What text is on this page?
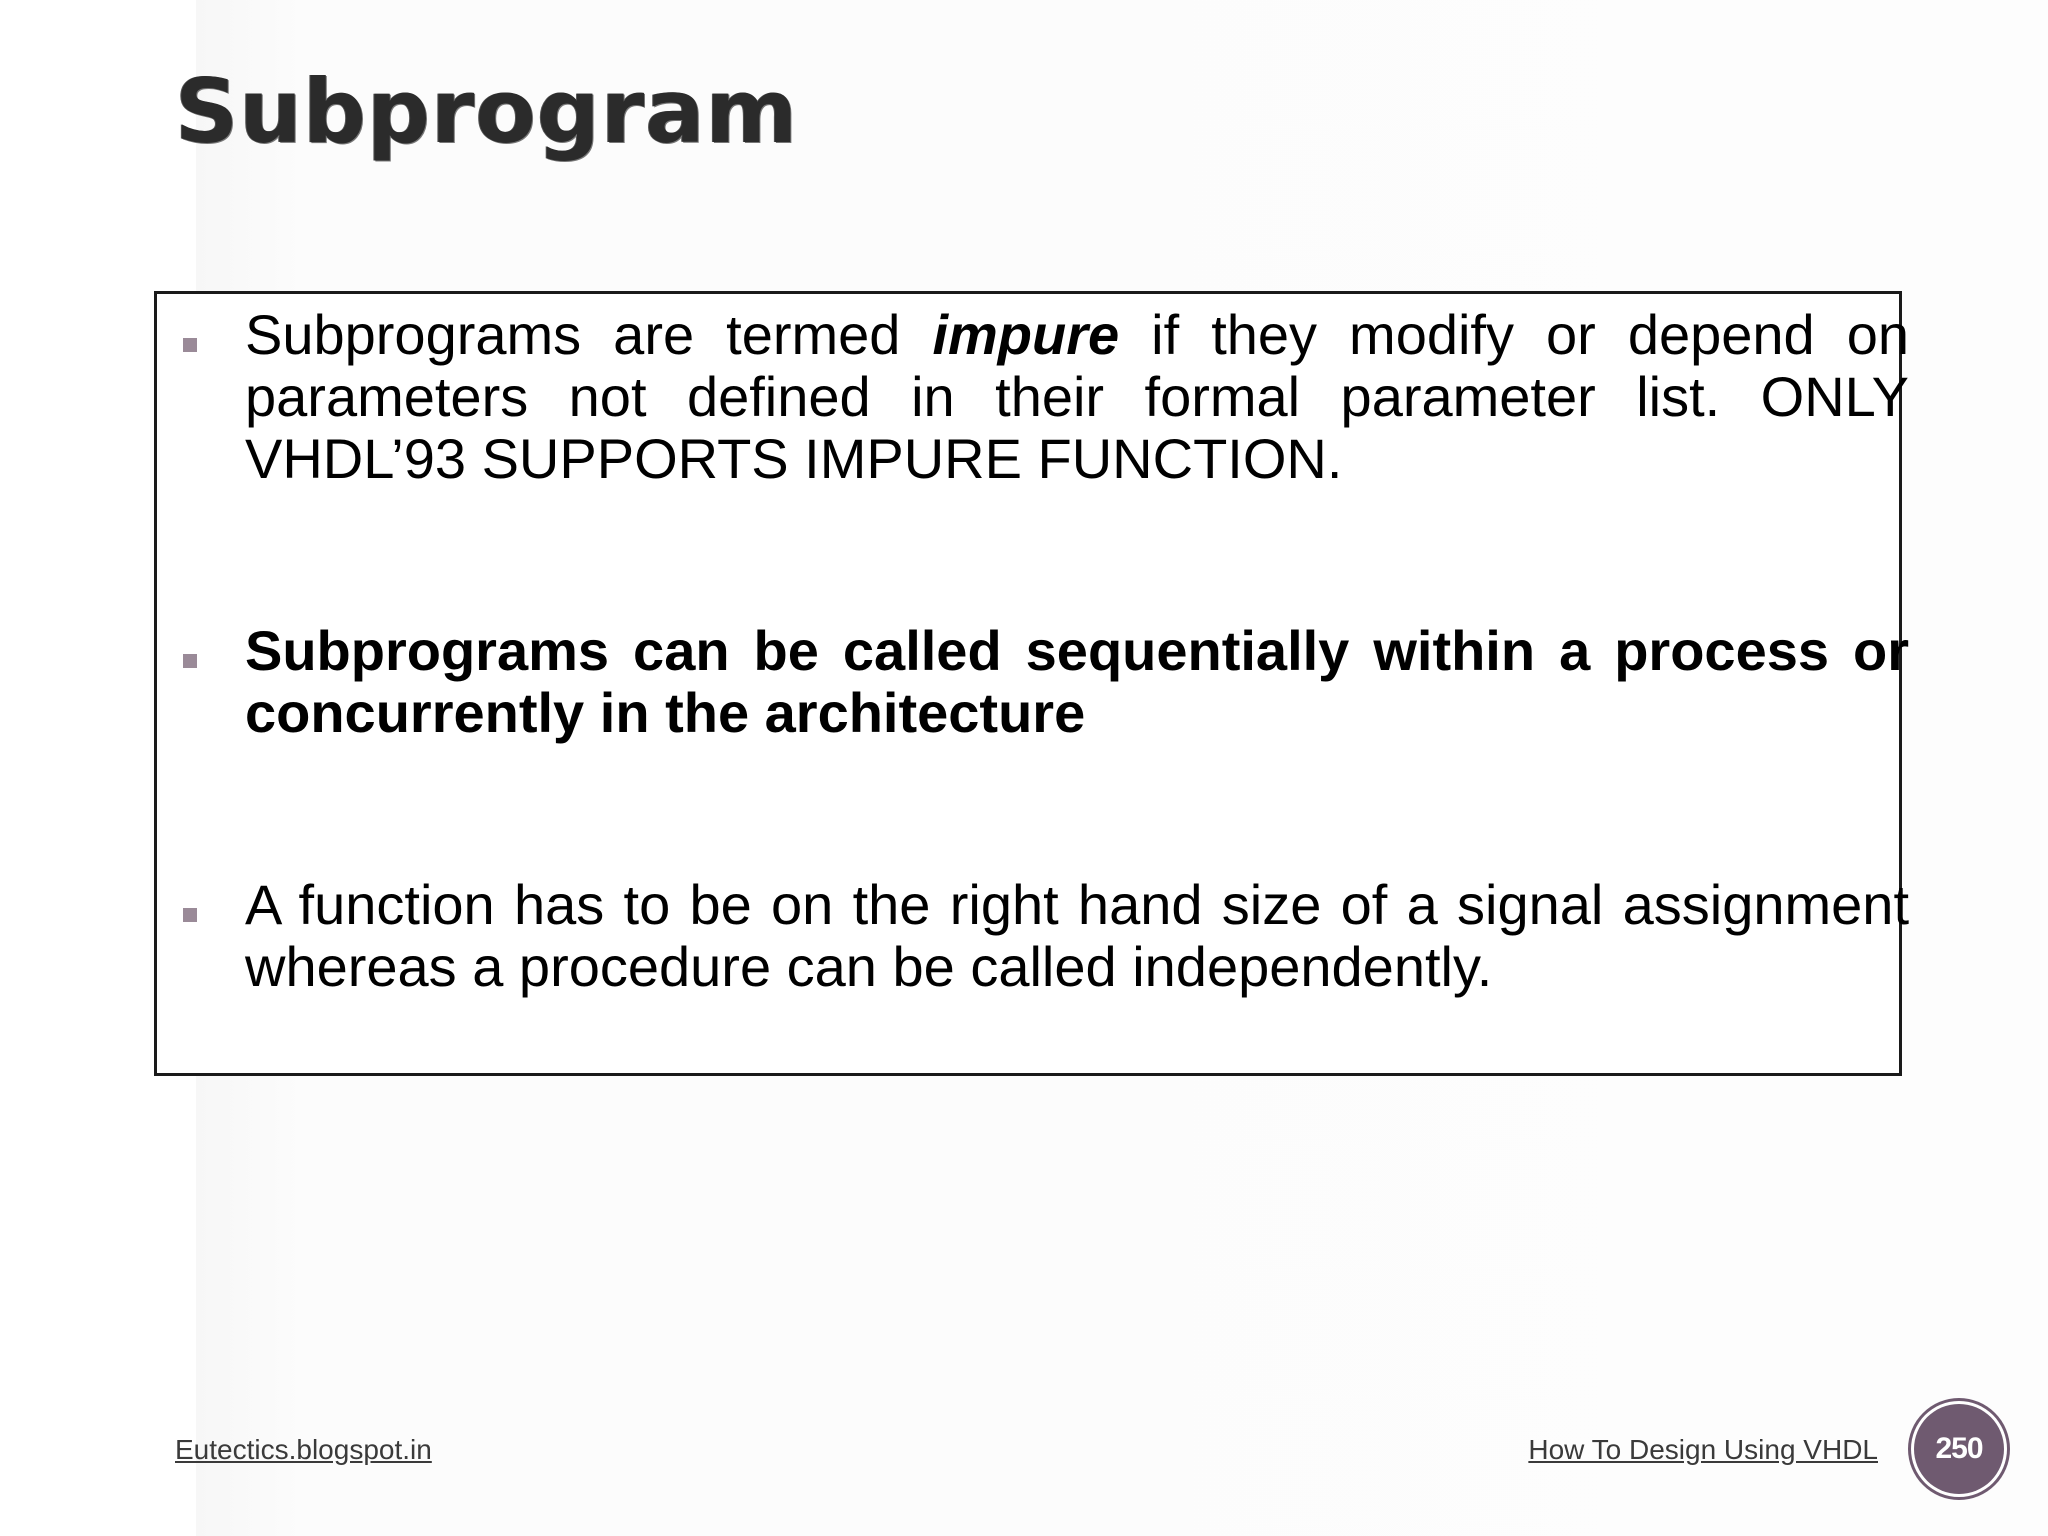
Subprogram
Subprograms are termed impure if they modify or depend on parameters not defined in their formal parameter list. ONLY VHDL’93 SUPPORTS IMPURE FUNCTION.
Subprograms can be called sequentially within a process or concurrently in the architecture
A function has to be on the right hand size of a signal assignment whereas a procedure can be called independently.
Eutectics.blogspot.in	How To Design Using VHDL 250
